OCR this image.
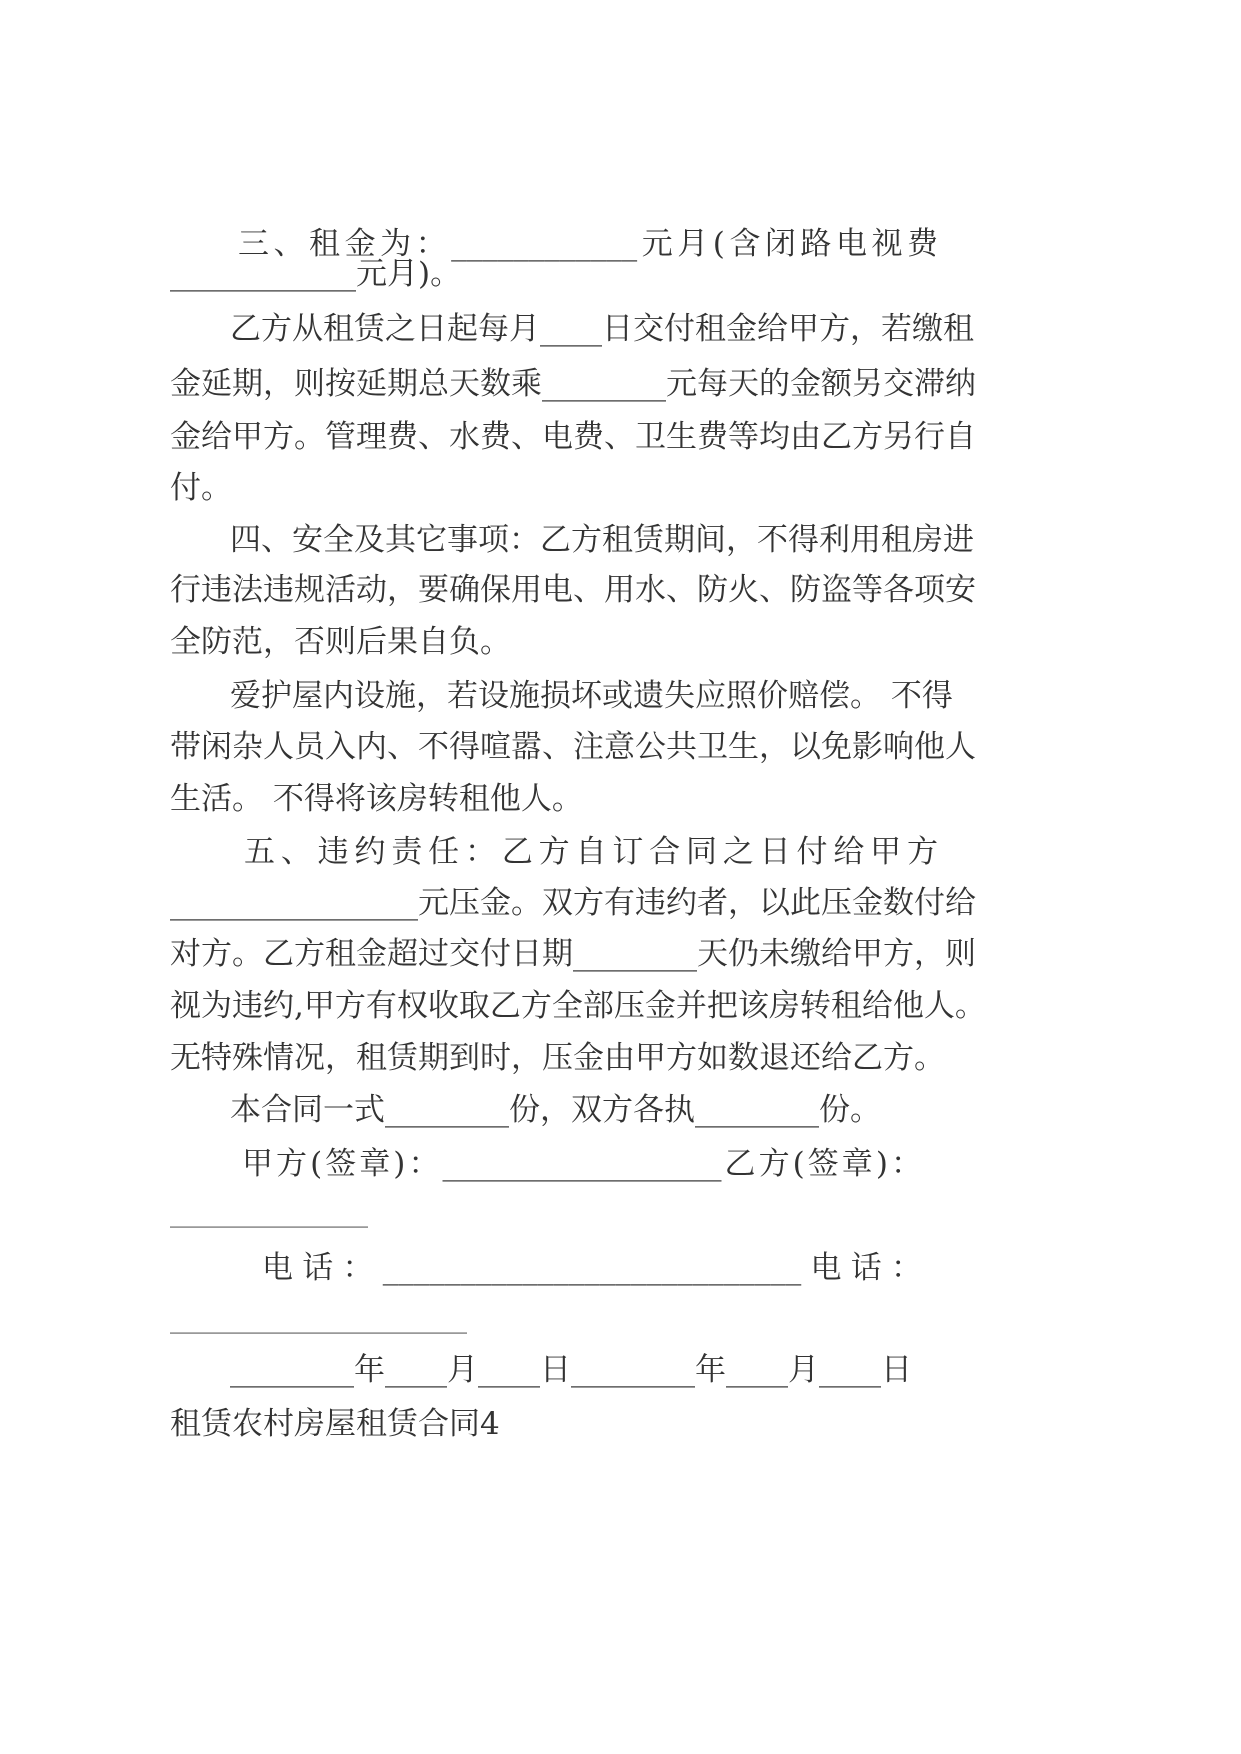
三、租金为：____________元月(含闭路电视费

____________元月)。

乙方从租赁之日起每月____日交付租金给甲方，若缴租

金延期，则按延期总天数乘________元每天的金额另交滞纳

金给甲方。管理费、水费、电费、卫生费等均由乙方另行自

付。

四、安全及其它事项：乙方租赁期间，不得利用租房进

行违法违规活动，要确保用电、用水、防火、防盗等各项安

全防范，否则后果自负。

爱护屋内设施，若设施损坏或遗失应照价赔偿。 不得

带闲杂人员入内、不得喧嚣、注意公共卫生，以免影响他人

生活。 不得将该房转租他人。

五、违约责任：乙方自订合同之日付给甲方

________________元压金。双方有违约者，以此压金数付给

对方。乙方租金超过交付日期________天仍未缴给甲方，则

视为违约,甲方有权收取乙方全部压金并把该房转租给他人。

无特殊情况，租赁期到时，压金由甲方如数退还给乙方。

本合同一式________份，双方各执________份。

甲方(签章)：__________________乙方(签章)：

__________________

电话：___________________________电话：

___________________________

________年____月____日________年____月____日

租赁农村房屋租赁合同4
